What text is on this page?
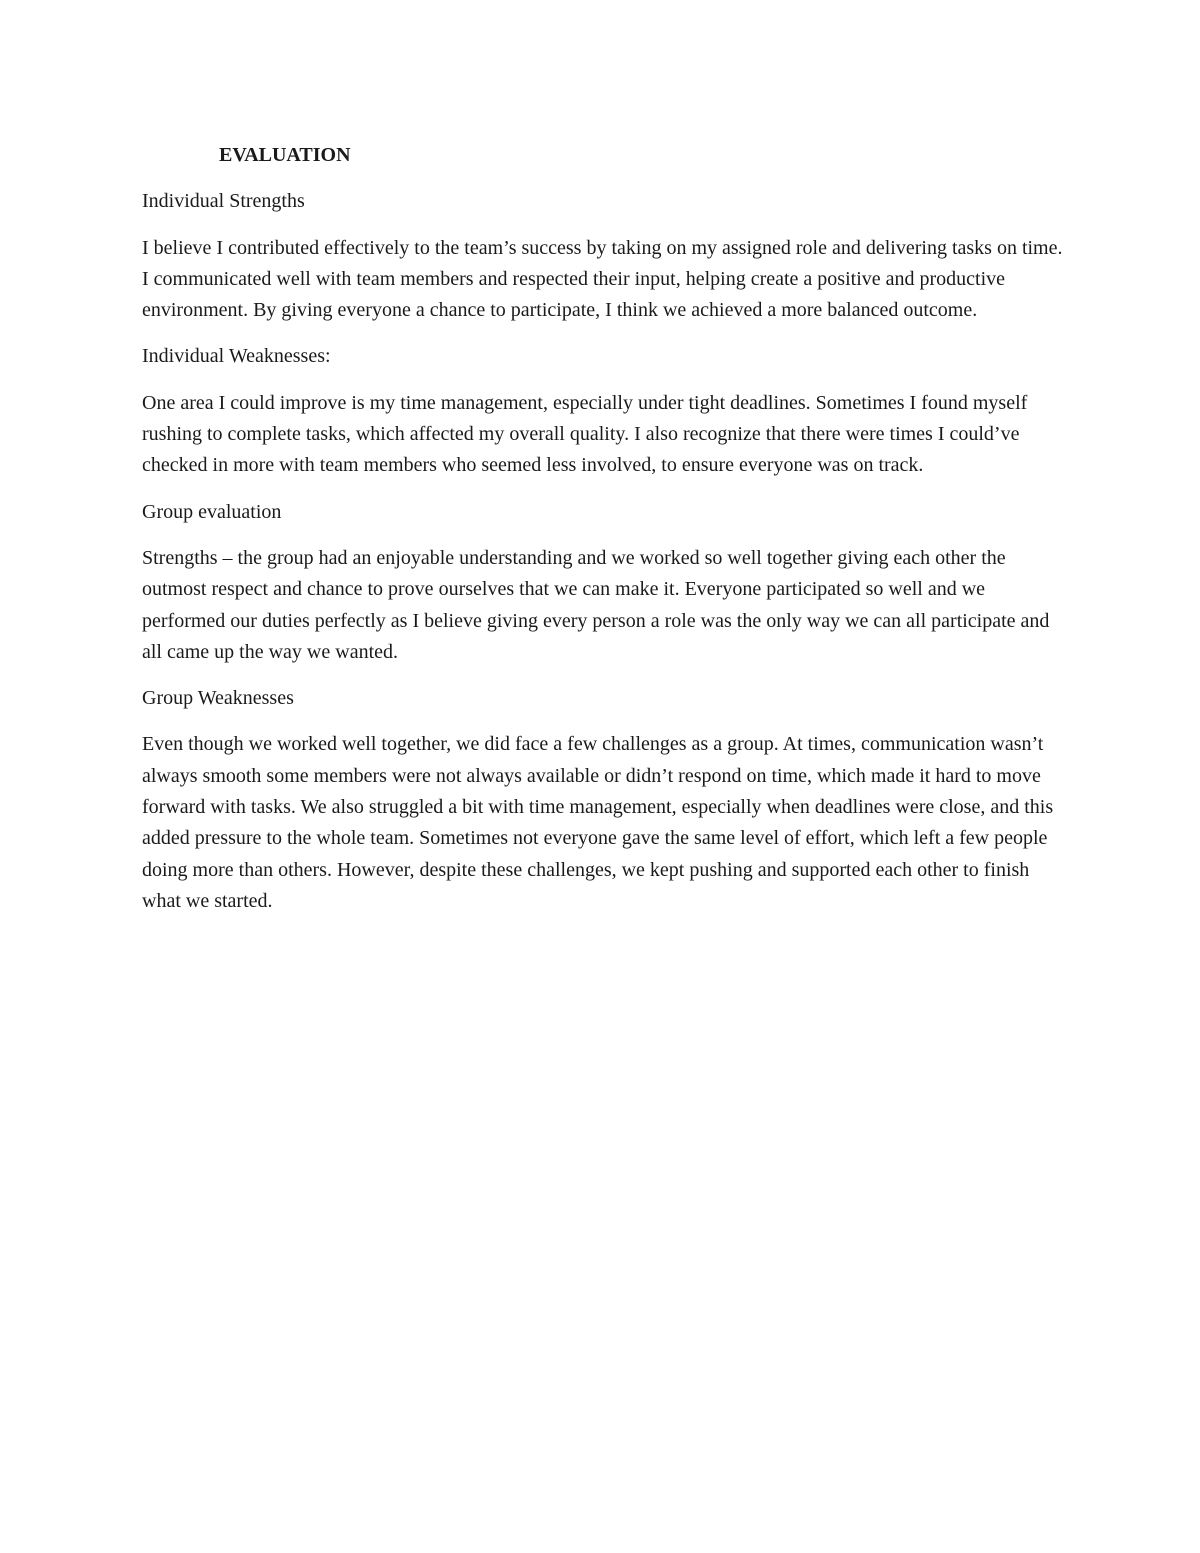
EVALUATION
Individual Strengths
I believe I contributed effectively to the team’s success by taking on my assigned role and delivering tasks on time. I communicated well with team members and respected their input, helping create a positive and productive environment. By giving everyone a chance to participate, I think we achieved a more balanced outcome.
Individual Weaknesses:
One area I could improve is my time management, especially under tight deadlines. Sometimes I found myself rushing to complete tasks, which affected my overall quality. I also recognize that there were times I could’ve checked in more with team members who seemed less involved, to ensure everyone was on track.
Group evaluation
Strengths – the group had an enjoyable understanding and we worked so well together giving each other the outmost respect and chance to prove ourselves that we can make it. Everyone participated so well and we performed our duties perfectly as I believe giving every person a role was the only way we can all participate and all came up the way we wanted.
Group Weaknesses
Even though we worked well together, we did face a few challenges as a group. At times, communication wasn’t always smooth some members were not always available or didn’t respond on time, which made it hard to move forward with tasks. We also struggled a bit with time management, especially when deadlines were close, and this added pressure to the whole team. Sometimes not everyone gave the same level of effort, which left a few people doing more than others. However, despite these challenges, we kept pushing and supported each other to finish what we started.
